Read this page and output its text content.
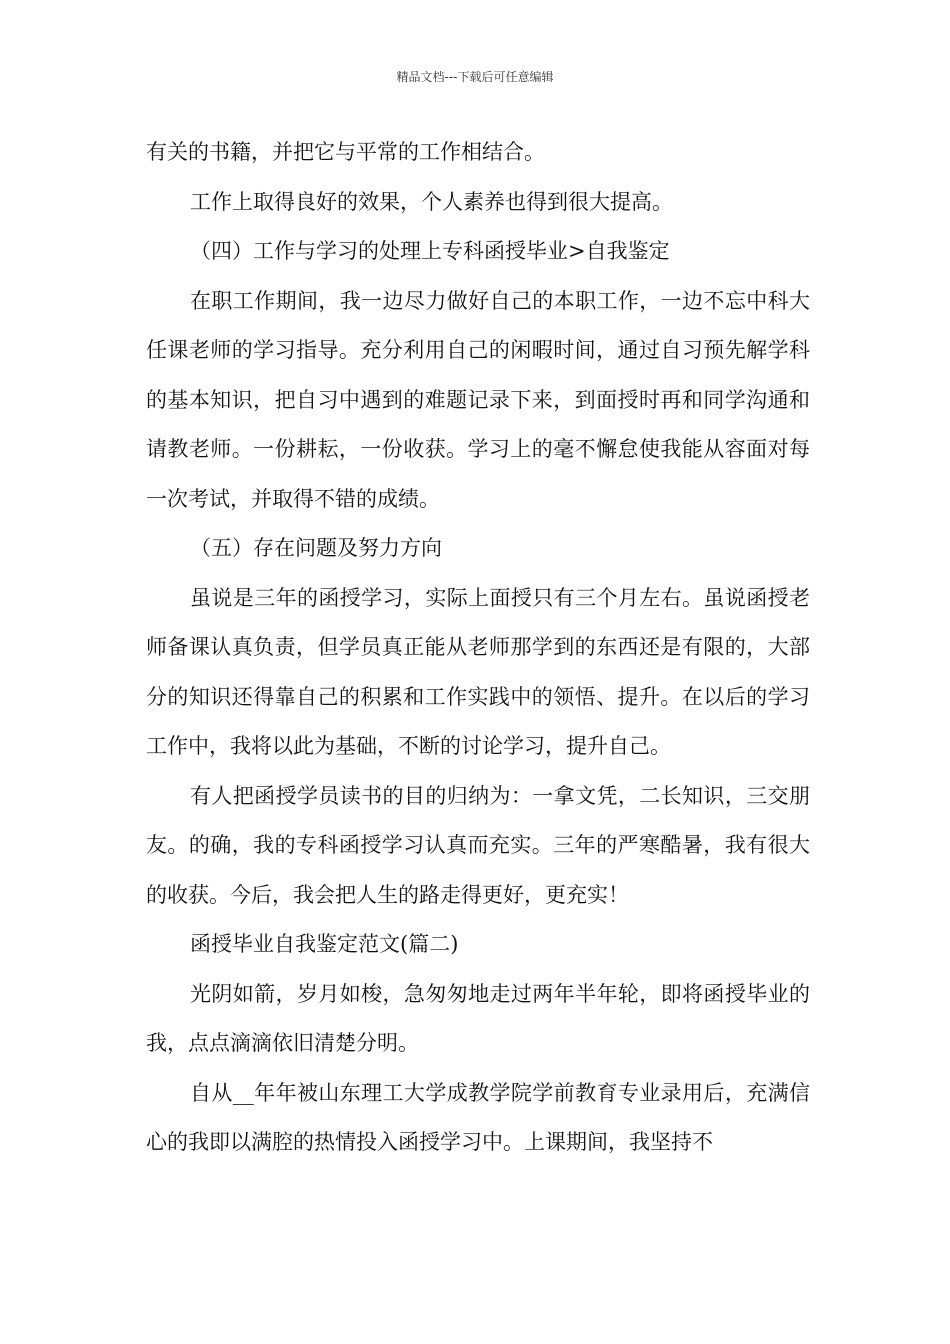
精品文档---下载后可任意编辑

有关的书籍，并把它与平常的工作相结合。

工作上取得良好的效果，个人素养也得到很大提高。

（四）工作与学习的处理上专科函授毕业>自我鉴定

在职工作期间，我一边尽力做好自己的本职工作，一边不忘中科大任课老师的学习指导。充分利用自己的闲暇时间，通过自习预先解学科的基本知识，把自习中遇到的难题记录下来，到面授时再和同学沟通和请教老师。一份耕耘，一份收获。学习上的毫不懈怠使我能从容面对每一次考试，并取得不错的成绩。

（五）存在问题及努力方向

虽说是三年的函授学习，实际上面授只有三个月左右。虽说函授老师备课认真负责，但学员真正能从老师那学到的东西还是有限的，大部分的知识还得靠自己的积累和工作实践中的领悟、提升。在以后的学习工作中，我将以此为基础，不断的讨论学习，提升自己。

有人把函授学员读书的目的归纳为：一拿文凭，二长知识，三交朋友。的确，我的专科函授学习认真而充实。三年的严寒酷暑，我有很大的收获。今后，我会把人生的路走得更好，更充实！

函授毕业自我鉴定范文(篇二)

光阴如箭，岁月如梭，急匆匆地走过两年半年轮，即将函授毕业的我，点点滴滴依旧清楚分明。

自从__年年被山东理工大学成教学院学前教育专业录用后，充满信心的我即以满腔的热情投入函授学习中。上课期间，我坚持不
